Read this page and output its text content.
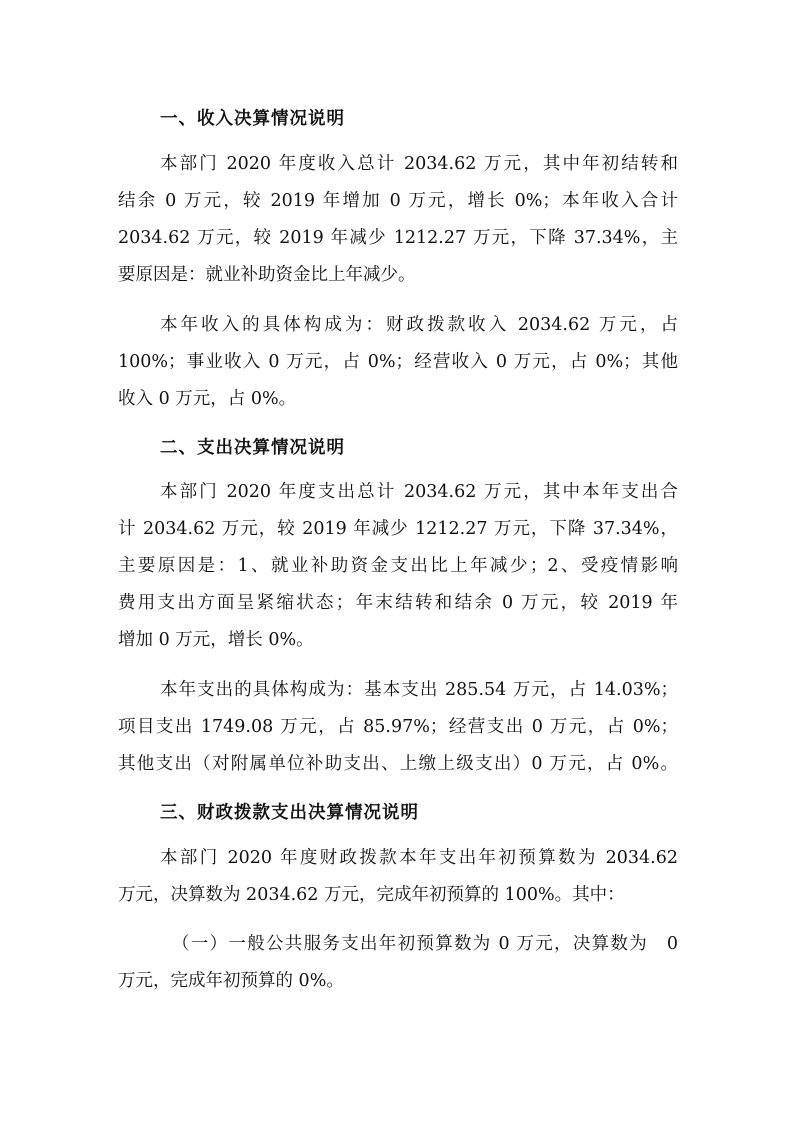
一、收入决算情况说明
本部门 2020 年度收入总计 2034.62 万元，其中年初结转和
结余 0 万元，较 2019 年增加 0 万元，增长 0%；本年收入合计
2034.62 万元，较 2019 年减少 1212.27 万元，下降 37.34%，主
要原因是：就业补助资金比上年减少。
本年收入的具体构成为：财政拨款收入 2034.62 万元，占
100%；事业收入 0 万元，占 0%；经营收入 0 万元，占 0%；其他
收入 0 万元，占 0%。
二、支出决算情况说明
本部门 2020 年度支出总计 2034.62 万元，其中本年支出合
计 2034.62 万元，较 2019 年减少 1212.27 万元，下降 37.34%，
主要原因是：1、就业补助资金支出比上年减少；2、受疫情影响
费用支出方面呈紧缩状态；年末结转和结余 0 万元，较 2019 年
增加 0 万元，增长 0%。
本年支出的具体构成为：基本支出 285.54 万元，占 14.03%；
项目支出 1749.08 万元，占 85.97%；经营支出 0 万元，占 0%；
其他支出（对附属单位补助支出、上缴上级支出）0 万元，占 0%。
三、财政拨款支出决算情况说明
本部门 2020 年度财政拨款本年支出年初预算数为 2034.62
万元，决算数为 2034.62 万元，完成年初预算的 100%。其中：
（一）一般公共服务支出年初预算数为 0 万元，决算数为　0
万元，完成年初预算的 0%。
